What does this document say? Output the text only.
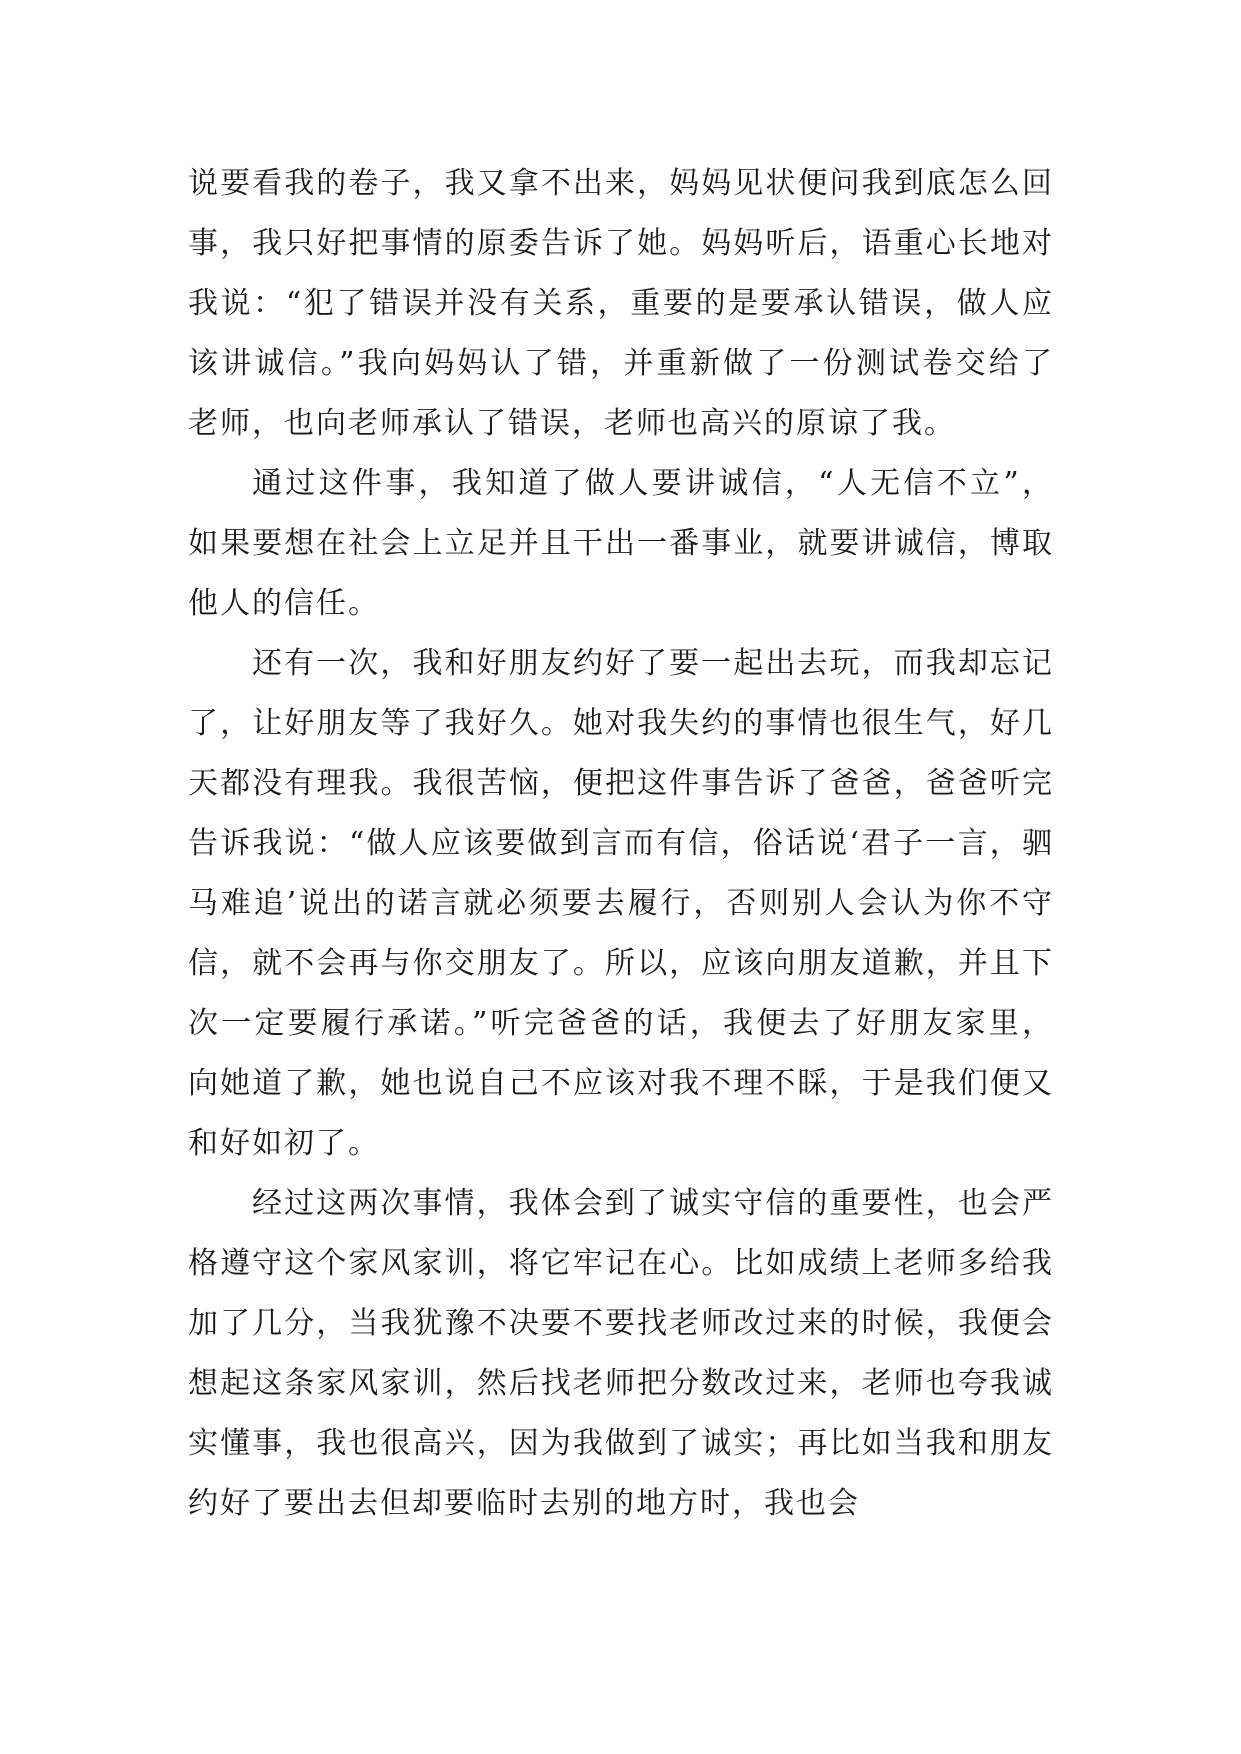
说要看我的卷子，我又拿不出来，妈妈见状便问我到底怎么回事，我只好把事情的原委告诉了她。妈妈听后，语重心长地对我说：“犯了错误并没有关系，重要的是要承认错误，做人应该讲诚信。”我向妈妈认了错，并重新做了一份测试卷交给了老师，也向老师承认了错误，老师也高兴的原谅了我。

通过这件事，我知道了做人要讲诚信，“人无信不立”，如果要想在社会上立足并且干出一番事业，就要讲诚信，博取他人的信任。

还有一次，我和好朋友约好了要一起出去玩，而我却忘记了，让好朋友等了我好久。她对我失约的事情也很生气，好几天都没有理我。我很苦恼，便把这件事告诉了爸爸，爸爸听完告诉我说：“做人应该要做到言而有信，俗话说‘君子一言，驷马难追’说出的诺言就必须要去履行，否则别人会认为你不守信，就不会再与你交朋友了。所以，应该向朋友道歉，并且下次一定要履行承诺。”听完爸爸的话，我便去了好朋友家里，向她道了歉，她也说自己不应该对我不理不睬，于是我们便又和好如初了。

经过这两次事情，我体会到了诚实守信的重要性，也会严格遵守这个家风家训，将它牢记在心。比如成绩上老师多给我加了几分，当我犹豫不决要不要找老师改过来的时候，我便会想起这条家风家训，然后找老师把分数改过来，老师也夸我诚实懂事，我也很高兴，因为我做到了诚实；再比如当我和朋友约好了要出去但却要临时去别的地方时，我也会
